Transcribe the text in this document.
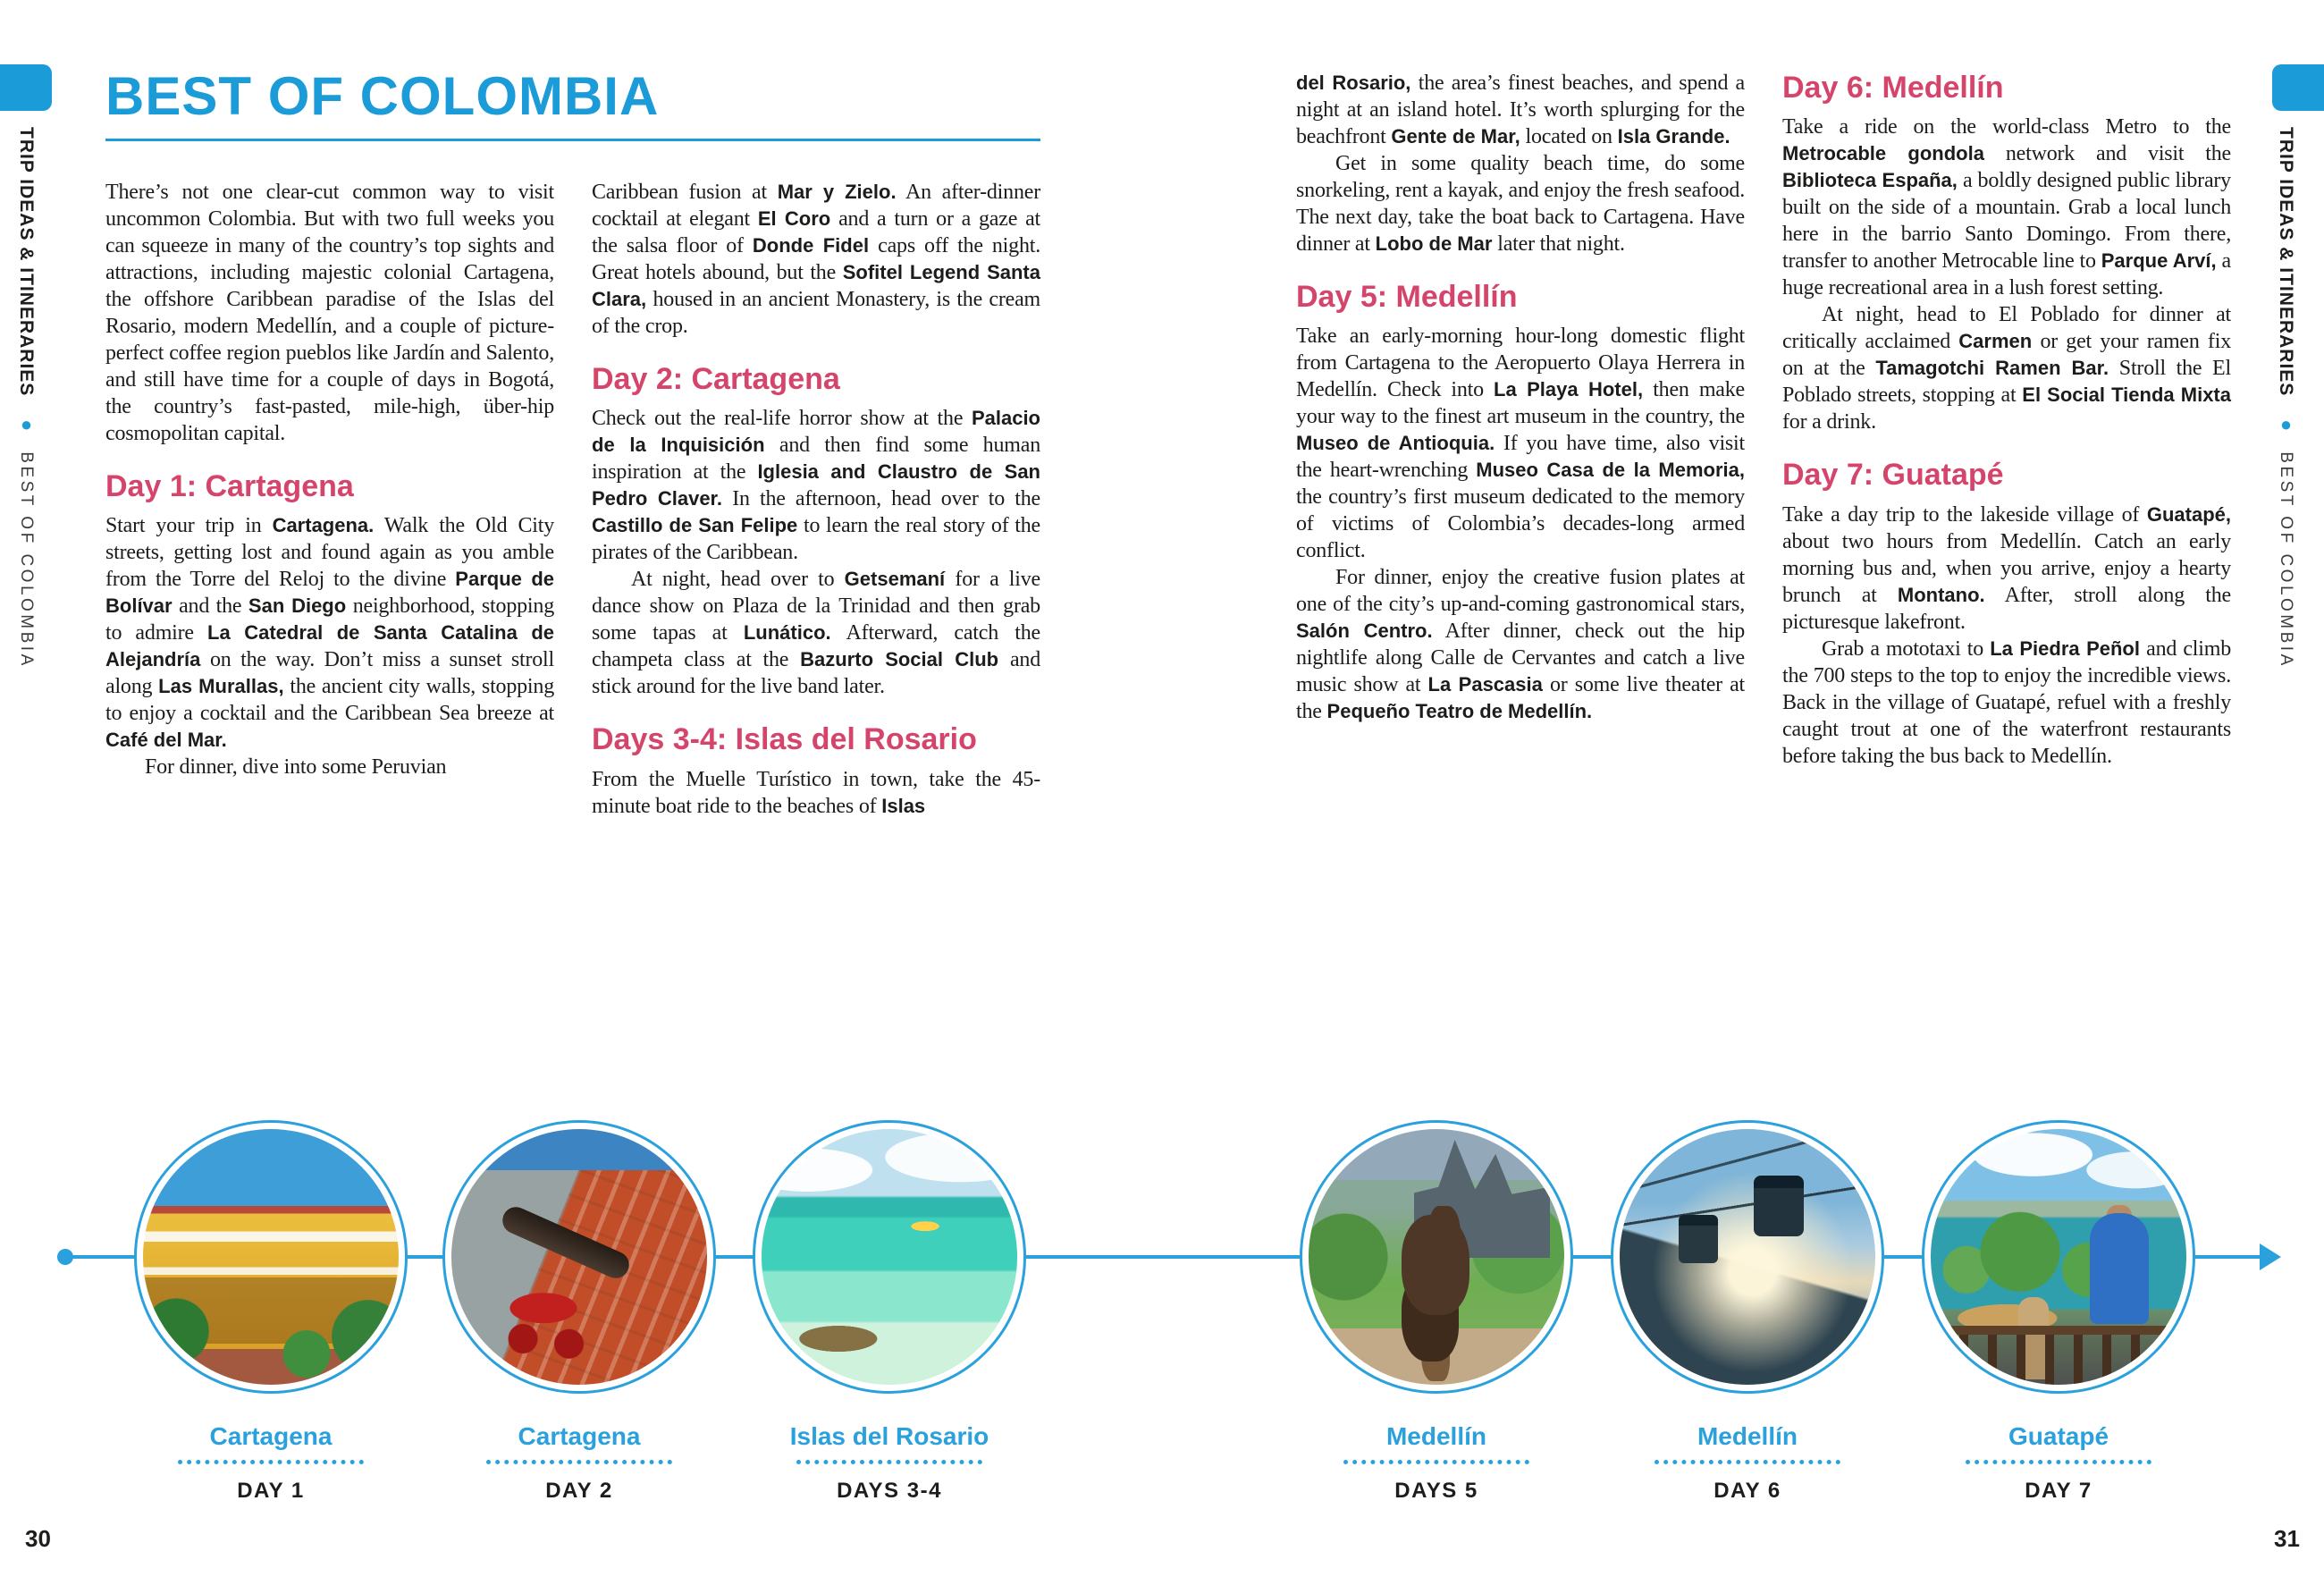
TRIP IDEAS & ITINERARIES ● BEST OF COLOMBIA
TRIP IDEAS & ITINERARIES ● BEST OF COLOMBIA
BEST OF COLOMBIA

There’s not one clear-cut common way to visit uncommon Colombia. But with two full weeks you can squeeze in many of the country’s top sights and attractions, including majestic colonial Cartagena, the offshore Caribbean paradise of the Islas del Rosario, modern Medellín, and a couple of picture-perfect coffee region pueblos like Jardín and Salento, and still have time for a couple of days in Bogotá, the country’s fast-pasted, mile-high, über-hip cosmopolitan capital.

Day 1: Cartagena

Start your trip in Cartagena. Walk the Old City streets, getting lost and found again as you amble from the Torre del Reloj to the divine Parque de Bolívar and the San Diego neighborhood, stopping to admire La Catedral de Santa Catalina de Alejandría on the way. Don’t miss a sunset stroll along Las Murallas, the ancient city walls, stopping to enjoy a cocktail and the Caribbean Sea breeze at Café del Mar.

For dinner, dive into some Peruvian

Caribbean fusion at Mar y Zielo. An after-dinner cocktail at elegant El Coro and a turn or a gaze at the salsa floor of Donde Fidel caps off the night. Great hotels abound, but the Sofitel Legend Santa Clara, housed in an ancient Monastery, is the cream of the crop.

Day 2: Cartagena

Check out the real-life horror show at the Palacio de la Inquisición and then find some human inspiration at the Iglesia and Claustro de San Pedro Claver. In the afternoon, head over to the Castillo de San Felipe to learn the real story of the pirates of the Caribbean.

At night, head over to Getsemaní for a live dance show on Plaza de la Trinidad and then grab some tapas at Lunático. Afterward, catch the champeta class at the Bazurto Social Club and stick around for the live band later.

Days 3-4: Islas del Rosario

From the Muelle Turístico in town, take the 45-minute boat ride to the beaches of Islas

del Rosario, the area’s finest beaches, and spend a night at an island hotel. It’s worth splurging for the beachfront Gente de Mar, located on Isla Grande.

Get in some quality beach time, do some snorkeling, rent a kayak, and enjoy the fresh seafood. The next day, take the boat back to Cartagena. Have dinner at Lobo de Mar later that night.

Day 5: Medellín

Take an early-morning hour-long domestic flight from Cartagena to the Aeropuerto Olaya Herrera in Medellín. Check into La Playa Hotel, then make your way to the finest art museum in the country, the Museo de Antioquia. If you have time, also visit the heart-wrenching Museo Casa de la Memoria, the country’s first museum dedicated to the memory of victims of Colombia’s decades-long armed conflict.

For dinner, enjoy the creative fusion plates at one of the city’s up-and-coming gastronomical stars, Salón Centro. After dinner, check out the hip nightlife along Calle de Cervantes and catch a live music show at La Pascasia or some live theater at the Pequeño Teatro de Medellín.

Day 6: Medellín

Take a ride on the world-class Metro to the Metrocable gondola network and visit the Biblioteca España, a boldly designed public library built on the side of a mountain. Grab a local lunch here in the barrio Santo Domingo. From there, transfer to another Metrocable line to Parque Arví, a huge recreational area in a lush forest setting.

At night, head to El Poblado for dinner at critically acclaimed Carmen or get your ramen fix on at the Tamagotchi Ramen Bar. Stroll the El Poblado streets, stopping at El Social Tienda Mixta for a drink.

Day 7: Guatapé

Take a day trip to the lakeside village of Guatapé, about two hours from Medellín. Catch an early morning bus and, when you arrive, enjoy a hearty brunch at Montano. After, stroll along the picturesque lakefront.

Grab a mototaxi to La Piedra Peñol and climb the 700 steps to the top to enjoy the incredible views. Back in the village of Guatapé, refuel with a freshly caught trout at one of the waterfront restaurants before taking the bus back to Medellín.

Cartagena
DAY 1
Cartagena
DAY 2
Islas del Rosario
DAYS 3-4
Medellín
DAYS 5
Medellín
DAY 6
Guatapé
DAY 7
30	31
